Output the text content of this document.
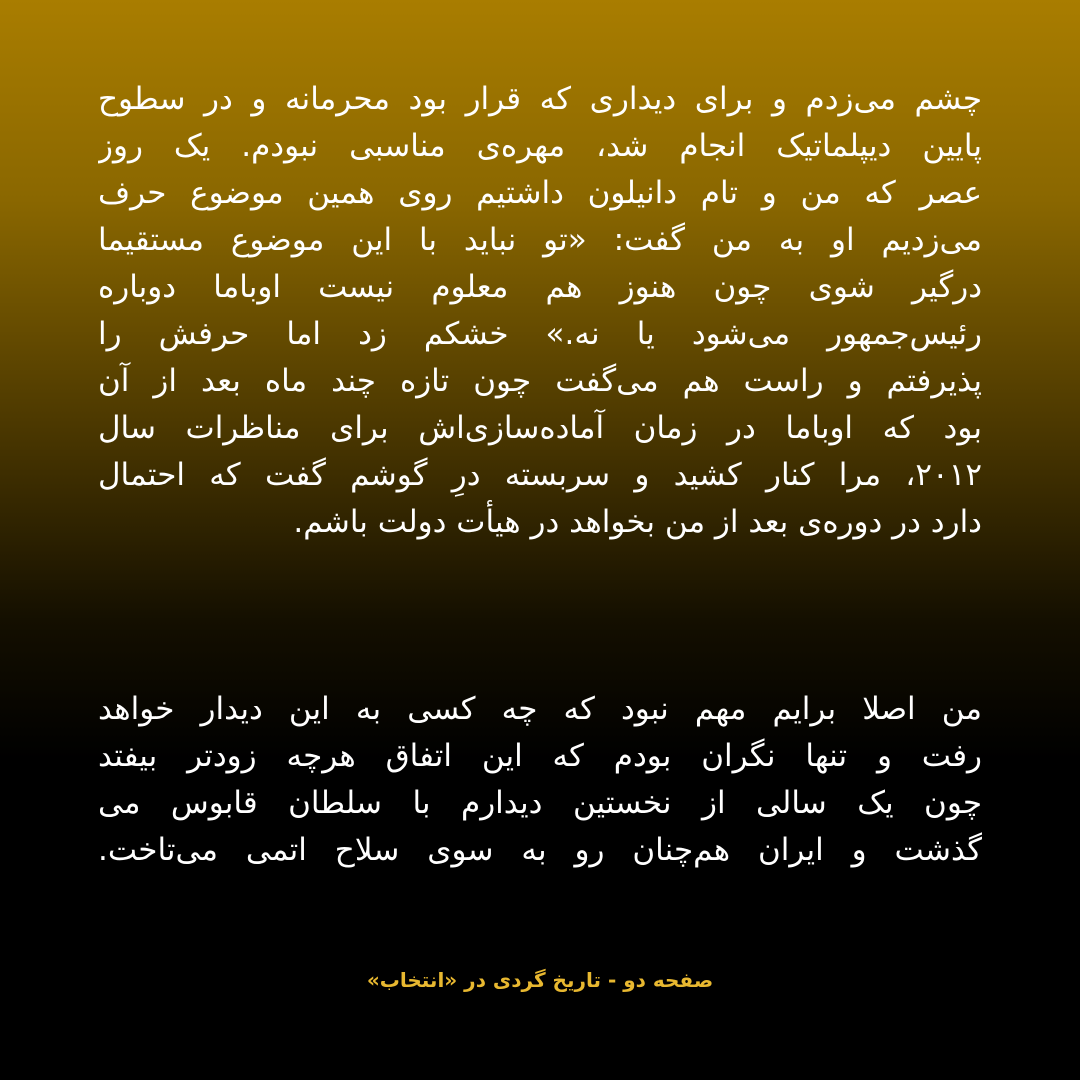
چشم می‌زدم و برای دیداری که قرار بود محرمانه و در سطوح
پایین دیپلماتیک انجام شد، مهره‌ی مناسبی نبودم. یک روز
عصر که من و تام دانیلون داشتیم روی همین موضوع حرف
می‌زدیم او به من گفت: «تو نباید با این موضوع مستقیما
درگیر شوی چون هنوز هم معلوم نیست اوباما دوباره
رئیس‌جمهور می‌شود یا نه.» خشکم زد اما حرفش را
پذیرفتم و راست هم می‌گفت چون تازه چند ماه بعد از آن
بود که اوباما در زمان آماده‌سازی‌اش برای مناظرات سال
۲۰۱۲، مرا کنار کشید و سربسته درِ گوشم گفت که احتمال
دارد در دوره‌ی بعد از من بخواهد در هیأت دولت باشم.
من اصلا برایم مهم نبود که چه کسی به این دیدار خواهد
رفت و تنها نگران بودم که این اتفاق هرچه زودتر بیفتد
چون یک سالی از نخستین دیدارم با سلطان قابوس می
گذشت و ایران هم‌چنان رو به سوی سلاح اتمی می‌تاخت.
صفحه دو - تاریخ گردی در «انتخاب»
